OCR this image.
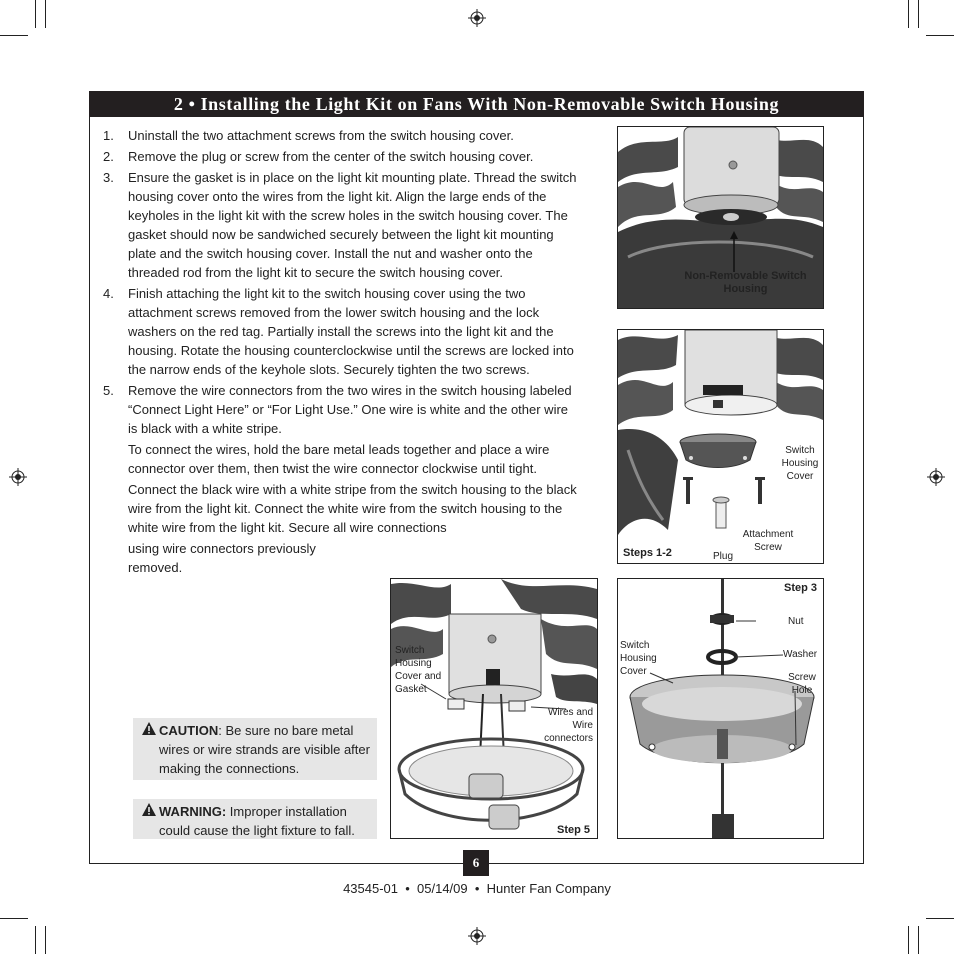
2 • Installing the Light Kit on Fans With Non-Removable Switch Housing
1. Uninstall the two attachment screws from the switch housing cover.

2. Remove the plug or screw from the center of the switch housing cover.

3. Ensure the gasket is in place on the light kit mounting plate. Thread the switch housing cover onto the wires from the light kit. Align the large ends of the keyholes in the light kit with the screw holes in the switch housing cover. The gasket should now be sandwiched securely between the light kit mounting plate and the switch housing cover. Install the nut and washer onto the threaded rod from the light kit to secure the switch housing cover.

4. Finish attaching the light kit to the switch housing cover using the two attachment screws removed from the lower switch housing and the lock washers on the red tag. Partially install the screws into the light kit and the housing. Rotate the housing counterclockwise until the screws are locked into the narrow ends of the keyhole slots. Securely tighten the two screws.

5. Remove the wire connectors from the two wires in the switch housing labeled “Connect Light Here” or “For Light Use.” One wire is white and the other wire is black with a white stripe.

To connect the wires, hold the bare metal leads together and place a wire connector over them, then twist the wire connector clockwise until tight.

Connect the black wire with a white stripe from the switch housing to the black wire from the light kit. Connect the white wire from the switch housing to the white wire from the light kit. Secure all wire connections

using wire connectors previously removed.

CAUTION: Be sure no bare metal wires or wire strands are visible after making the connections.
WARNING: Improper installation could cause the light fixture to fall.
Non-Removable Switch Housing
Switch Housing Cover
Attachment Screw
Plug
Steps 1-2
Step 3
Nut
Washer
Screw Hole
Switch Housing Cover
Switch Housing Cover and Gasket
Wires and Wire connectors
Step 5
6
43545-01  •  05/14/09  •  Hunter Fan Company
